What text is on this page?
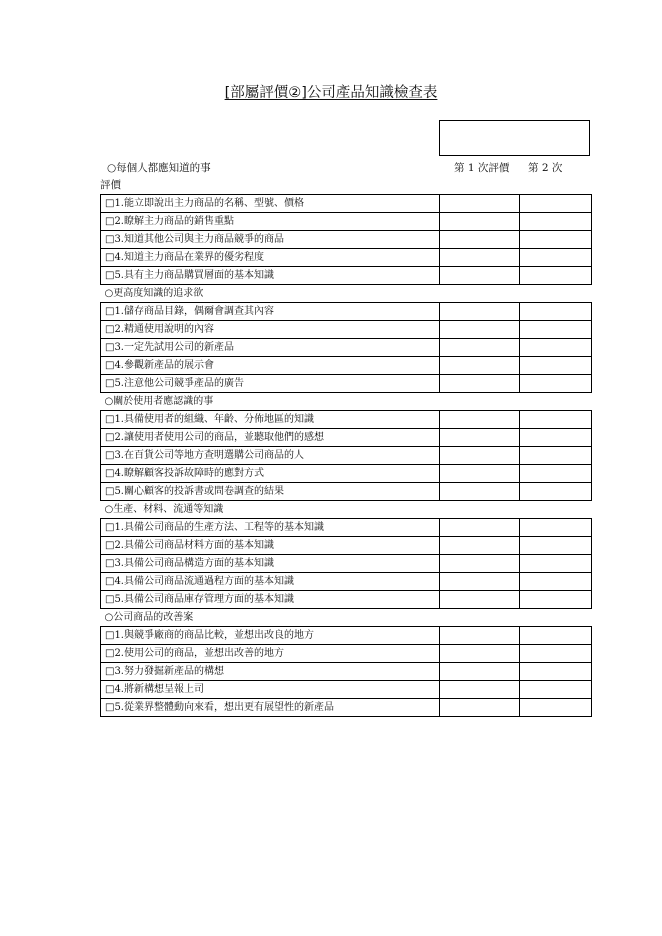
[部屬評價②]公司產品知識檢查表
○每個人都應知道的事	第 1 次評價 第 2 次
評價
□1.能立即說出主力商品的名稱、型號、價格		
□2.瞭解主力商品的銷售重點		
□3.知道其他公司與主力商品競爭的商品		
□4.知道主力商品在業界的優劣程度		
□5.具有主力商品購買層面的基本知識		
○更高度知識的追求欲		
□1.儲存商品目錄，偶爾會調查其內容		
□2.精通使用說明的內容		
□3.一定先試用公司的新產品		
□4.參觀新產品的展示會		
□5.注意他公司競爭產品的廣告		
○關於使用者應認識的事		
□1.具備使用者的組織、年齡、分佈地區的知識		
□2.讓使用者使用公司的商品，並聽取他們的感想		
□3.在百貨公司等地方查明選購公司商品的人		
□4.瞭解顧客投訴故障時的應對方式		
□5.關心顧客的投訴書或問卷調查的結果		
○生產、材料、流通等知識		
□1.具備公司商品的生產方法、工程等的基本知識		
□2.具備公司商品材料方面的基本知識		
□3.具備公司商品構造方面的基本知識		
□4.具備公司商品流通過程方面的基本知識		
□5.具備公司商品庫存管理方面的基本知識		
○公司商品的改善案		
□1.與競爭廠商的商品比較，並想出改良的地方		
□2.使用公司的商品，並想出改善的地方		
□3.努力發掘新產品的構想		
□4.將新構想呈報上司		
□5.從業界整體動向來看，想出更有展望性的新產品		
